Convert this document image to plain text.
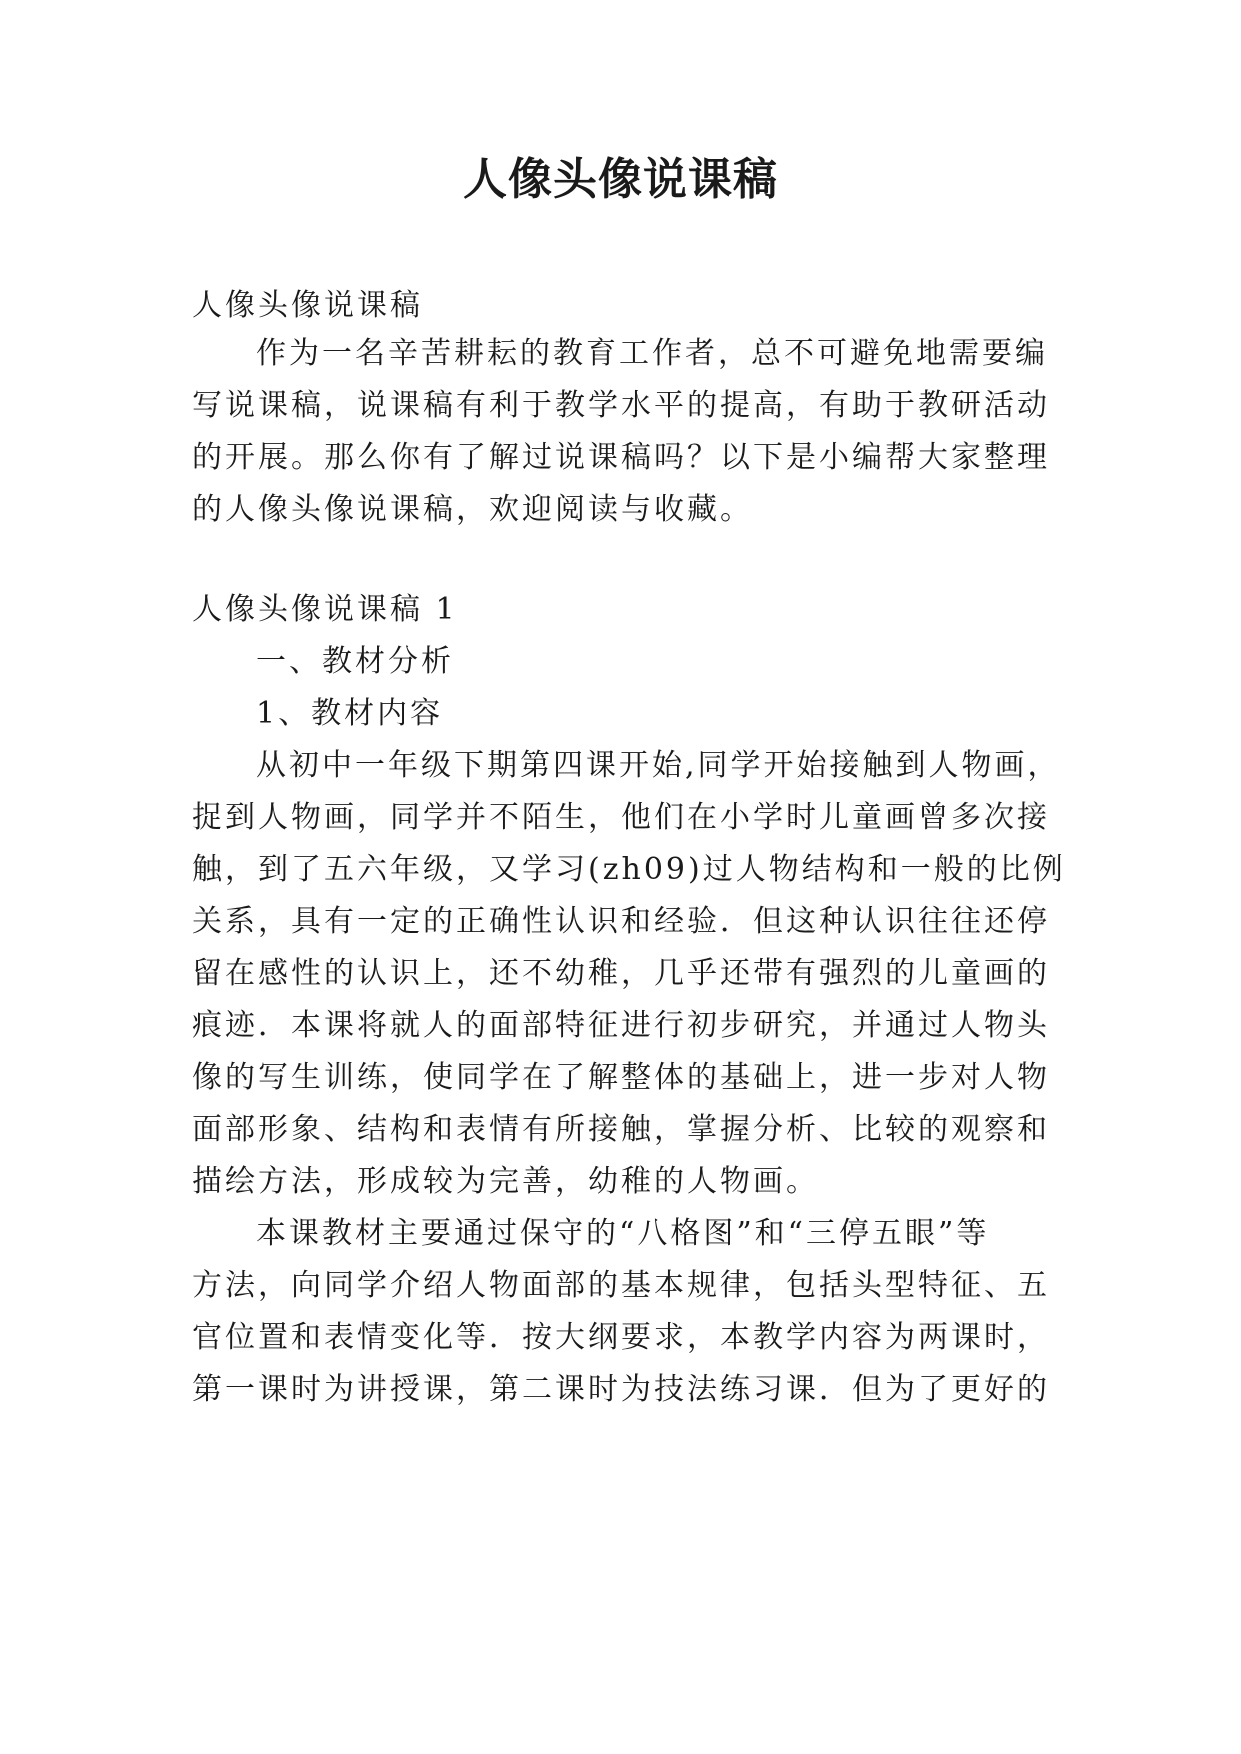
人像头像说课稿

人像头像说课稿

作为一名辛苦耕耘的教育工作者，总不可避免地需要编

写说课稿，说课稿有利于教学水平的提高，有助于教研活动

的开展。那么你有了解过说课稿吗？以下是小编帮大家整理

的人像头像说课稿，欢迎阅读与收藏。

人像头像说课稿 1

一、教材分析

1、教材内容

从初中一年级下期第四课开始,同学开始接触到人物画，

捉到人物画，同学并不陌生，他们在小学时儿童画曾多次接

触，到了五六年级，又学习(zh09)过人物结构和一般的比例

关系，具有一定的正确性认识和经验．但这种认识往往还停

留在感性的认识上，还不幼稚，几乎还带有强烈的儿童画的

痕迹．本课将就人的面部特征进行初步研究，并通过人物头

像的写生训练，使同学在了解整体的基础上，进一步对人物

面部形象、结构和表情有所接触，掌握分析、比较的观察和

描绘方法，形成较为完善，幼稚的人物画。

本课教材主要通过保守的“八格图”和“三停五眼”等

方法，向同学介绍人物面部的基本规律，包括头型特征、五

官位置和表情变化等．按大纲要求，本教学内容为两课时，

第一课时为讲授课，第二课时为技法练习课．但为了更好的
